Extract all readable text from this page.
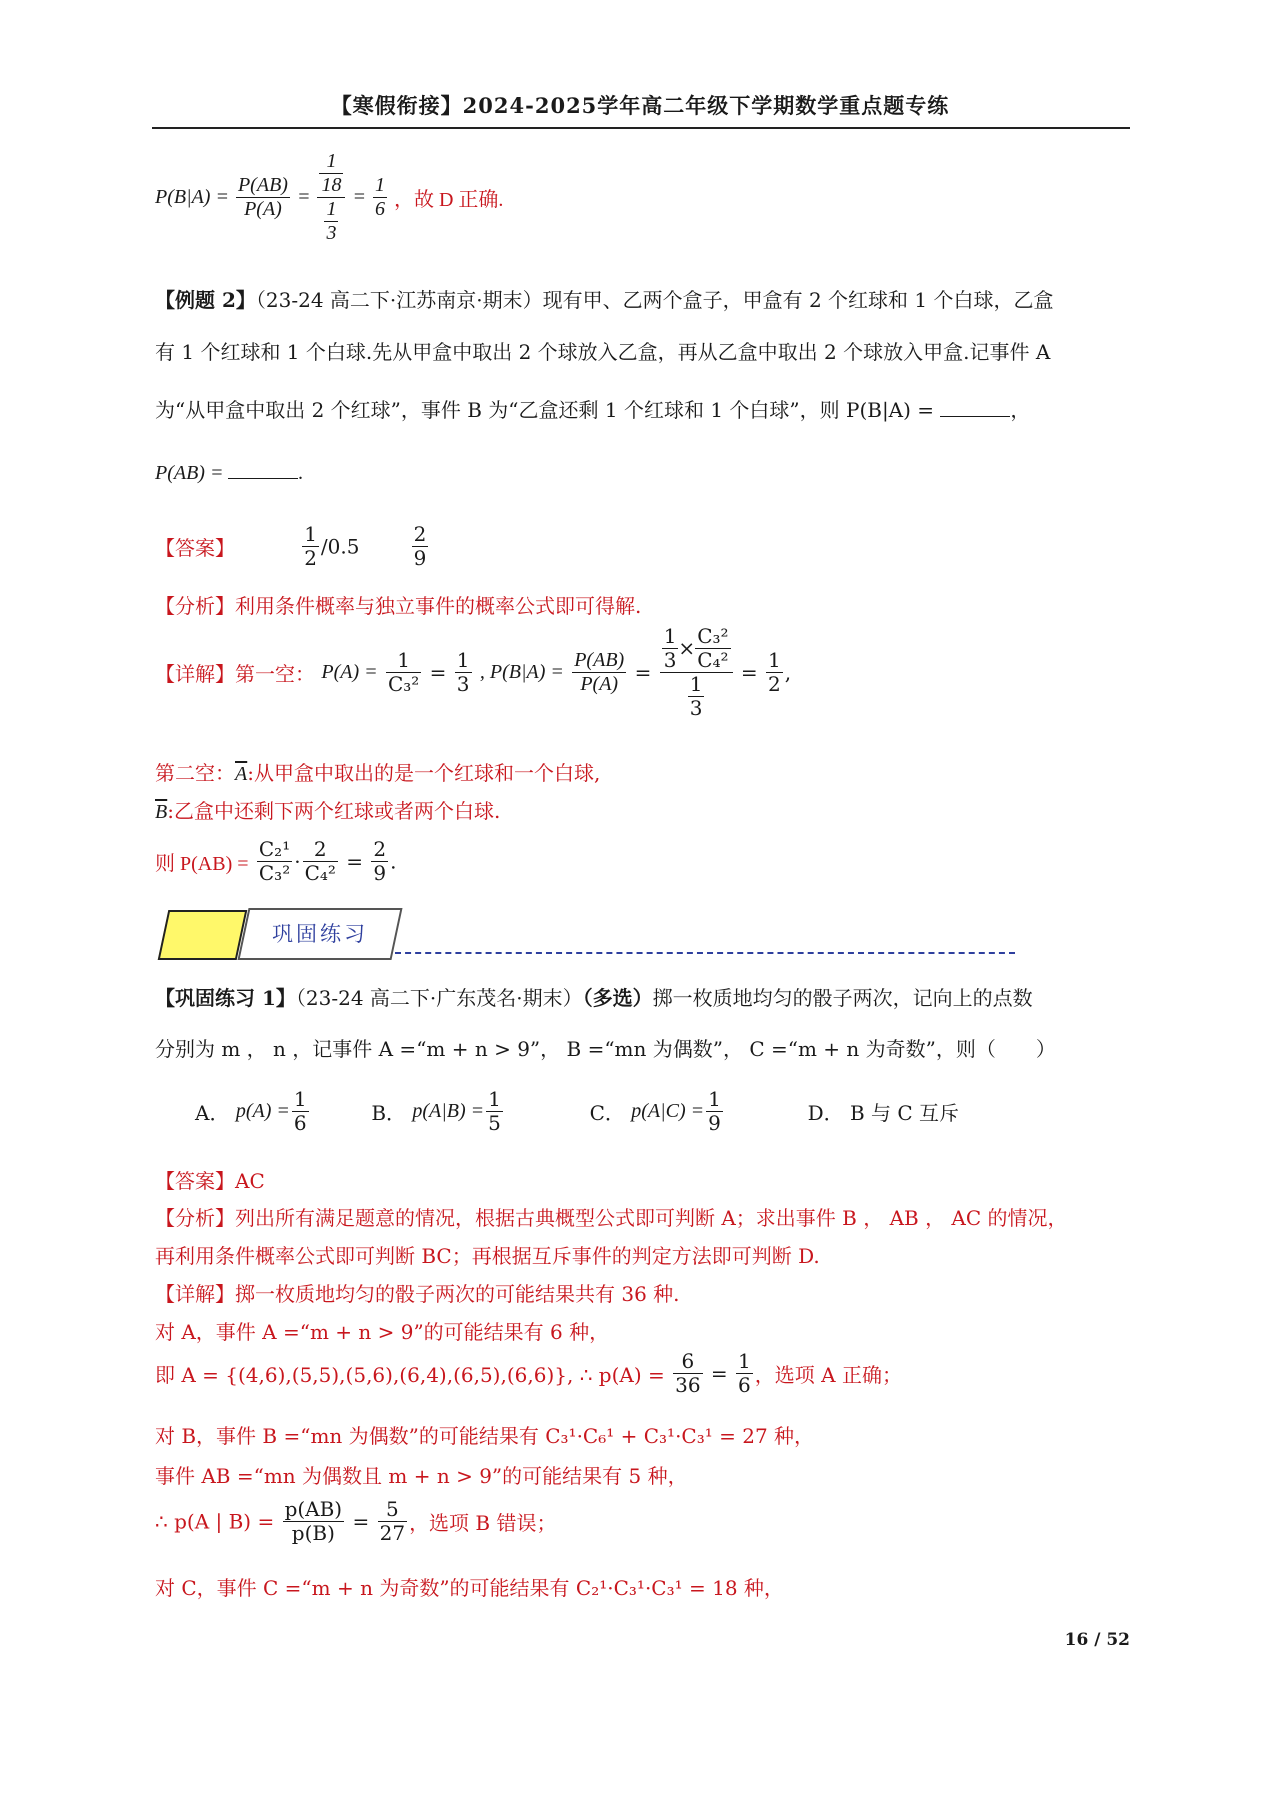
【寒假衔接】2024-2025学年高二年级下学期数学重点题专练
$P(B|A) = \frac{P(AB)}{P(A)} = \frac{\frac{1}{18}}{\frac{1}{3}} = \frac{1}{6}$ ，故 D 正确.
【例题 2】（23-24 高二下·江苏南京·期末）现有甲、乙两个盒子，甲盒有 2 个红球和 1 个白球，乙盒
有 1 个红球和 1 个白球.先从甲盒中取出 2 个球放入乙盒，再从乙盒中取出 2 个球放入甲盒.记事件 A
为“从甲盒中取出 2 个红球”，事件 B 为“乙盒还剩 1 个红球和 1 个白球”，则 P(B|A) =	，
P(AB) =	.
【答案】	$\frac{1}{2} /0.5$	$\frac{2}{9}$
【分析】利用条件概率与独立事件的概率公式即可得解.
【详解】第一空： $P(A) = \frac{1}{\text{C₃²}} = \frac{1}{3}$ , $P(B|A) = \frac{P(AB)}{P(A)} = \frac{\frac{1}{3} \times \frac{\text{C₃²}}{\text{C₄²}}}{\frac{1}{3}} = \frac{1}{2}$ ,
第二空：$\overline{A}$:从甲盒中取出的是一个红球和一个白球,
$\overline{B}$:乙盒中还剩下两个红球或者两个白球.
则 $P(AB) = \frac{\text{C₂¹}}{\text{C₃²}} \cdot \frac{2}{\text{C₄²}} = \frac{2}{9}$ .
巩固练习
【巩固练习 1】（23-24 高二下·广东茂名·期末）（多选）掷一枚质地均匀的骰子两次，记向上的点数
分别为 m ， n ，记事件 A =“m + n > 9”， B =“mn 为偶数”， C =“m + n 为奇数”，则（　　）
A． $p(A) = \frac{1}{6}$	B． $p(A|B) = \frac{1}{5}$	C． $p(A|C) = \frac{1}{9}$	D． B 与 C 互斥
【答案】AC
【分析】列出所有满足题意的情况，根据古典概型公式即可判断 A；求出事件 B ， AB ， AC 的情况，
再利用条件概率公式即可判断 BC；再根据互斥事件的判定方法即可判断 D.
【详解】掷一枚质地均匀的骰子两次的可能结果共有 36 种.
对 A，事件 A =“m + n > 9”的可能结果有 6 种，
即 A = {(4,6),(5,5),(5,6),(6,4),(6,5),(6,6)}, ∴ $p(A) = \frac{6}{36} = \frac{1}{6}$ ，选项 A 正确；
对 B，事件 B =“mn 为偶数”的可能结果有 C₃¹·C₆¹ + C₃¹·C₃¹ = 27 种，
事件 AB =“mn 为偶数且 m + n > 9”的可能结果有 5 种，
∴ p(A | $B) = \frac{p(AB)}{p(B)} = \frac{5}{27}$ ，选项 B 错误；
对 C，事件 C =“m + n 为奇数”的可能结果有 C₂¹·C₃¹·C₃¹ = 18 种，
16 / 52
